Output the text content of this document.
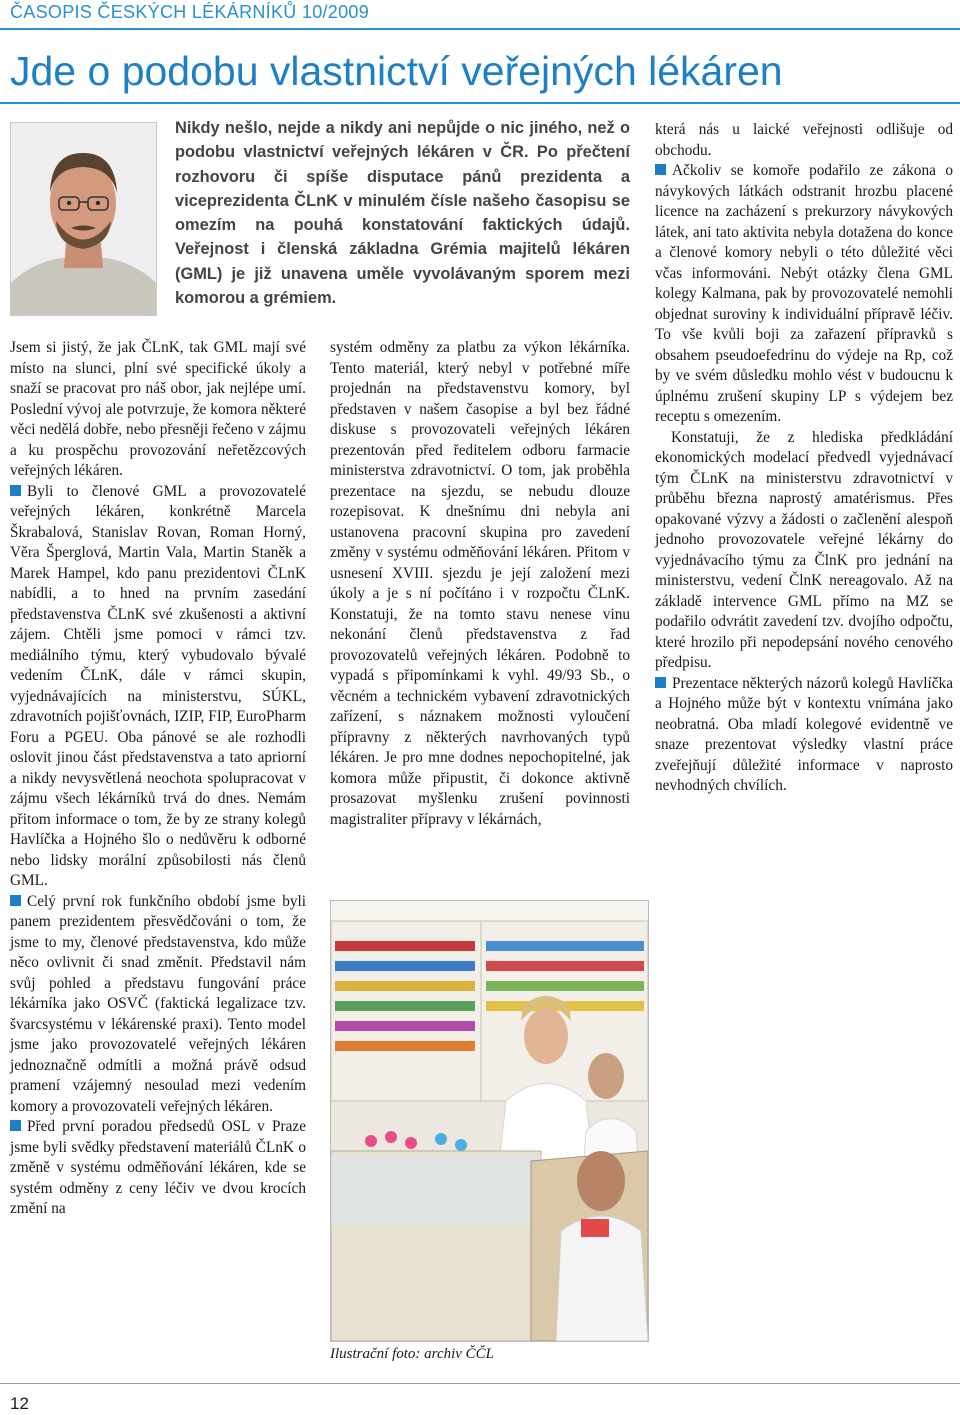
ČASOPIS ČESKÝCH LÉKÁRNÍKŮ 10/2009
Jde o podobu vlastnictví veřejných lékáren
Nikdy nešlo, nejde a nikdy ani nepůjde o nic jiného, než o podobu vlastnictví veřejných lékáren v ČR. Po přečtení rozhovoru či spíše disputace pánů prezidenta a viceprezidenta ČLnK v minulém čísle našeho časopisu se omezím na pouhá konstatování faktických údajů. Veřejnost i členská základna Grémia majitelů lékáren (GML) je již unavena uměle vyvolávaným sporem mezi komorou a grémiem.

Jsem si jistý, že jak ČLnK, tak GML mají své místo na slunci, plní své specifické úkoly a snaží se pracovat pro náš obor, jak nejlépe umí. Poslední vývoj ale potvrzuje, že komora některé věci nedělá dobře, nebo přesněji řečeno v zájmu a ku prospěchu provozování neřetězcových veřejných lékáren.

Byli to členové GML a provozovatelé veřejných lékáren, konkrétně Marcela Škrabalová, Stanislav Rovan, Roman Horný, Věra Šperglová, Martin Vala, Martin Staněk a Marek Hampel, kdo panu prezidentovi ČLnK nabídli, a to hned na prvním zasedání představenstva ČLnK své zkušenosti a aktivní zájem. Chtěli jsme pomoci v rámci tzv. mediálního týmu, který vybudovalo bývalé vedením ČLnK, dále v rámci skupin, vyjednávajících na ministerstvu, SÚKL, zdravotních pojišťovnách, IZIP, FIP, EuroPharm Foru a PGEU. Oba pánové se ale rozhodli oslovit jinou část představenstva a tato apriorní a nikdy nevysvětlená neochota spolupracovat v zájmu všech lékárníků trvá do dnes. Nemám přitom informace o tom, že by ze strany kolegů Havlíčka a Hojného šlo o nedůvěru k odborné nebo lidsky morální způsobilosti nás členů GML.

Celý první rok funkčního období jsme byli panem prezidentem přesvědčováni o tom, že jsme to my, členové představenstva, kdo může něco ovlivnit či snad změnit. Představil nám svůj pohled a představu fungování práce lékárníka jako OSVČ (faktická legalizace tzv. švarcsystému v lékárenské praxi). Tento model jsme jako provozovatelé veřejných lékáren jednoznačně odmítli a možná právě odsud pramení vzájemný nesoulad mezi vedením komory a provozovateli veřejných lékáren.

Před první poradou předsedů OSL v Praze jsme byli svědky představení materiálů ČLnK o změně v systému odměňování lékáren, kde se systém odměny z ceny léčiv ve dvou krocích změní na

systém odměny za platbu za výkon lékárníka. Tento materiál, který nebyl v potřebné míře projednán na představenstvu komory, byl představen v našem časopise a byl bez řádné diskuse s provozovateli veřejných lékáren prezentován před ředitelem odboru farmacie ministerstva zdravotnictví. O tom, jak proběhla prezentace na sjezdu, se nebudu dlouze rozepisovat. K dnešnímu dni nebyla ani ustanovena pracovní skupina pro zavedení změny v systému odměňování lékáren. Přitom v usnesení XVIII. sjezdu je její založení mezi úkoly a je s ní počítáno i v rozpočtu ČLnK. Konstatuji, že na tomto stavu nenese vinu nekonání členů představenstva z řad provozovatelů veřejných lékáren. Podobně to vypadá s připomínkami k vyhl. 49/93 Sb., o věcném a technickém vybavení zdravotnických zařízení, s náznakem možnosti vyloučení přípravny z některých navrhovaných typů lékáren. Je pro mne dodnes nepochopitelné, jak komora může připustit, či dokonce aktivně prosazovat myšlenku zrušení povinnosti magistraliter přípravy v lékárnách,

která nás u laické veřejnosti odlišuje od obchodu.

Ačkoliv se komoře podařilo ze zákona o návykových látkách odstranit hrozbu placené licence na zacházení s prekurzory návykových látek, ani tato aktivita nebyla dotažena do konce a členové komory nebyli o této důležité věci včas informováni. Nebýt otázky člena GML kolegy Kalmana, pak by provozovatelé nemohli objednat suroviny k individuální přípravě léčiv. To vše kvůli boji za zařazení přípravků s obsahem pseudoefedrinu do výdeje na Rp, což by ve svém důsledku mohlo vést v budoucnu k úplnému zrušení skupiny LP s výdejem bez receptu s omezením.

Konstatuji, že z hlediska předkládání ekonomických modelací předvedl vyjednávací tým ČLnK na ministerstvu zdravotnictví v průběhu března naprostý amatérismus. Přes opakované výzvy a žádosti o začlenění alespoň jednoho provozovatele veřejné lékárny do vyjednávacího týmu za ČlnK pro jednání na ministerstvu, vedení ČlnK nereagovalo. Až na základě intervence GML přímo na MZ se podařilo odvrátit zavedení tzv. dvojího odpočtu, které hrozilo při nepodepsání nového cenového předpisu.

Prezentace některých názorů kolegů Havlíčka a Hojného může být v kontextu vnímána jako neobratná. Oba mladí kolegové evidentně ve snaze prezentovat výsledky vlastní práce zveřejňují důležité informace v naprosto nevhodných chvílích.

Ilustrační foto: archiv ČČL
12
